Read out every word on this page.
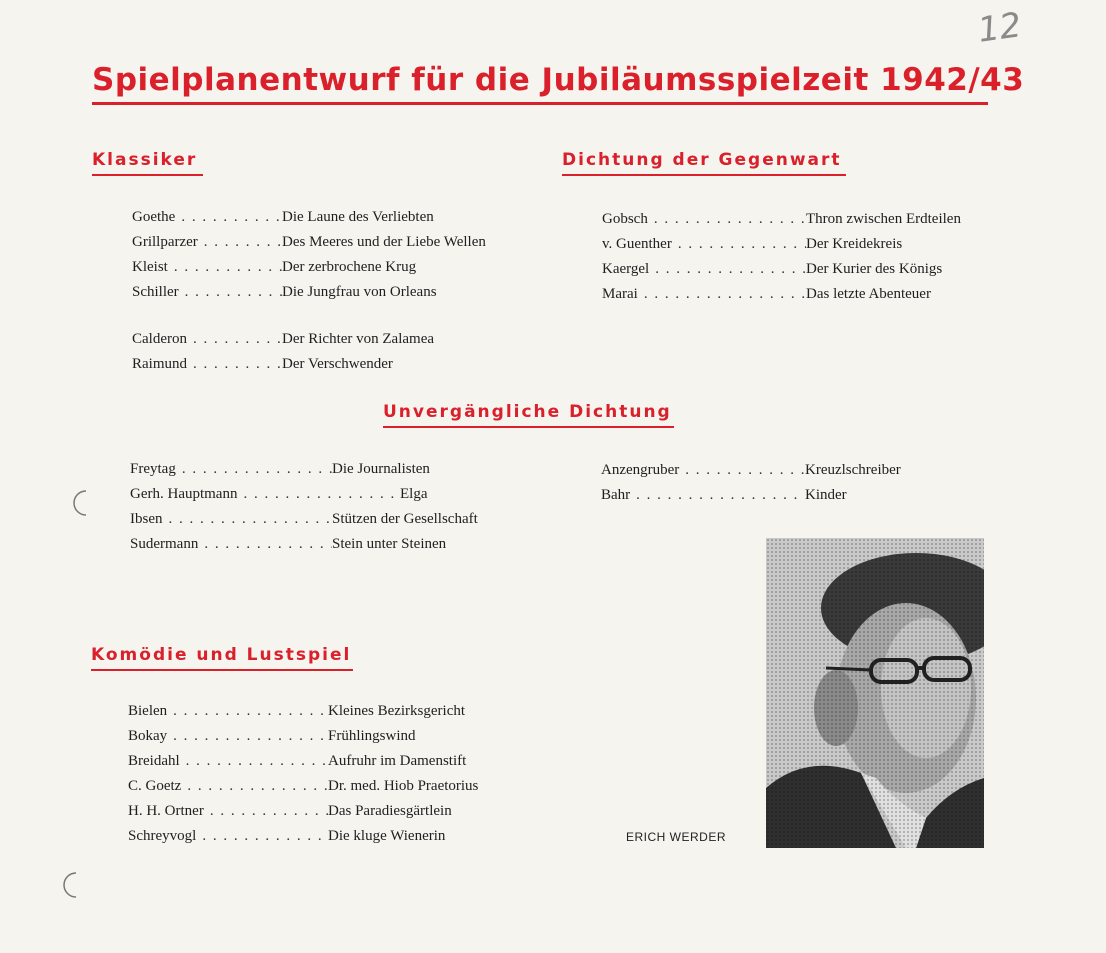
12
Spielplanentwurf für die Jubiläumsspielzeit 1942/43
Klassiker
Goethe . . .	Die Laune des Verliebten
Grillparzer . . .	Des Meeres und der Liebe Wellen
Kleist . . .	Der zerbrochene Krug
Schiller . . .	Die Jungfrau von Orleans
Calderon . . .	Der Richter von Zalamea
Raimund . . .	Der Verschwender
Dichtung der Gegenwart
Gobsch . . .	Thron zwischen Erdteilen
v. Guenther . . .	Der Kreidekreis
Kaergel . . .	Der Kurier des Königs
Marai . . .	Das letzte Abenteuer
Unvergängliche Dichtung
Freytag . . .	Die Journalisten
Gerh. Hauptmann . . .	Elga
Ibsen . . .	Stützen der Gesellschaft
Sudermann . . .	Stein unter Steinen
Anzengruber . . .	Kreuzlschreiber
Bahr . . .	Kinder
Komödie und Lustspiel
Bielen . . .	Kleines Bezirksgericht
Bokay . . .	Frühlingswind
Breidahl . . .	Aufruhr im Damenstift
C. Goetz . . .	Dr. med. Hiob Praetorius
H. H. Ortner . . .	Das Paradiesgärtlein
Schreyvogl . . .	Die kluge Wienerin	ERICH WERDER
